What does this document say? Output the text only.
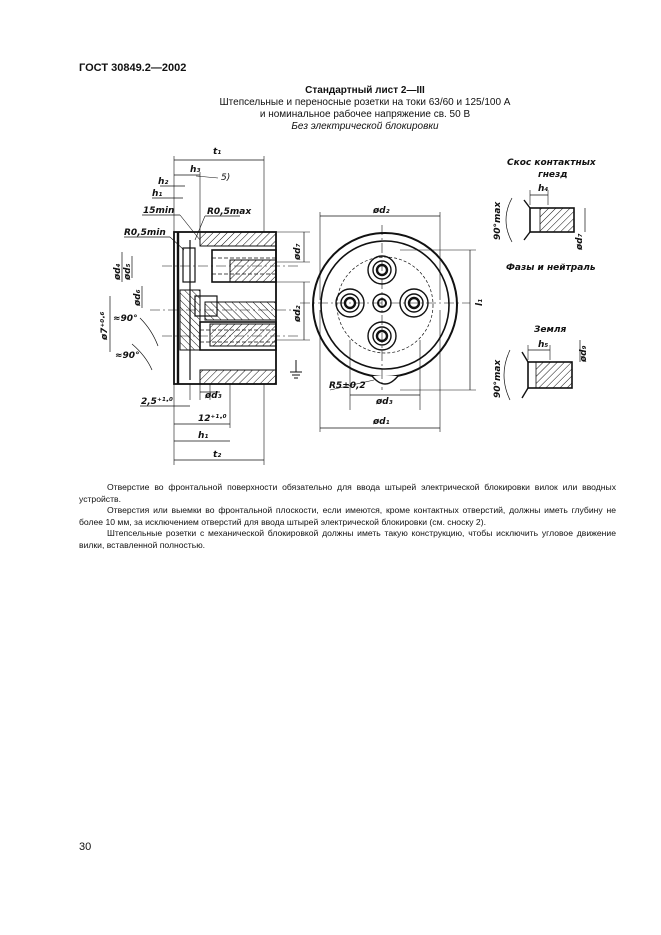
ГОСТ 30849.2—2002
Стандартный лист 2—III
Штепсельные и переносные розетки на токи 63/60 и 125/100 А
и номинальное рабочее напряжение св. 50 В
Без электрической блокировки
t₁
h₃
5)
h₂
h₁
15min	R0,5max
R0,5min
ød₄ ød₅
ød₆
ø7⁺⁰·⁶ ≈90°
≈90°
ød₇
ød₂
ød₃
2,5⁺¹·⁰
12⁺¹·⁰
h₁
t₂
ød₂
l₁
R5±0,2
ød₃
ød₁
Скос контактных
гнезд
h₄
90°max
ød₇
Фазы и нейтраль
Земля
h₅
ød₉
90°max

Отверстие во фронтальной поверхности обязательно для ввода штырей электрической блокировки вилок или вводных устройств.

Отверстия или выемки во фронтальной плоскости, если имеются, кроме контактных отверстий, должны иметь глубину не более 10 мм, за исключением отверстий для ввода штырей электрической блокировки (см. сноску 2).

Штепсельные розетки с механической блокировкой должны иметь такую конструкцию, чтобы исключить угловое движение вилки, вставленной полностью.

30
